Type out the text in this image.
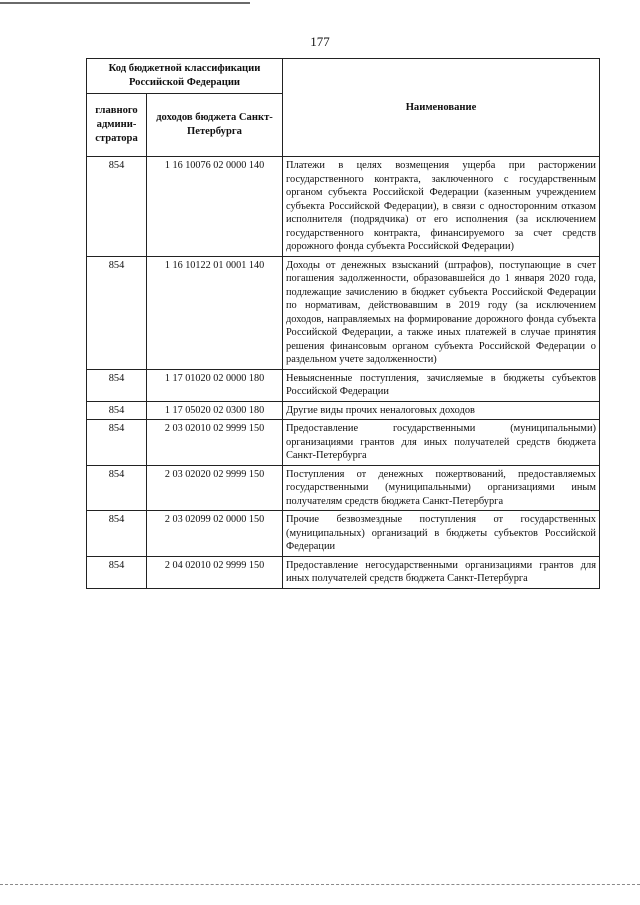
177
Код бюджетной классификации Российской Федерации		Наименование
главного админи-стратора	доходов бюджета Санкт-Петербурга	
854	1 16 10076 02 0000 140	Платежи в целях возмещения ущерба при расторжении государственного контракта, заключенного с государственным органом субъекта Российской Федерации (казенным учреждением субъекта Российской Федерации), в связи с односторонним отказом исполнителя (подрядчика) от его исполнения (за исключением государственного контракта, финансируемого за счет средств дорожного фонда субъекта Российской Федерации)
854	1 16 10122 01 0001 140	Доходы от денежных взысканий (штрафов), поступающие в счет погашения задолженности, образовавшейся до 1 января 2020 года, подлежащие зачислению в бюджет субъекта Российской Федерации по нормативам, действовавшим в 2019 году (за исключением доходов, направляемых на формирование дорожного фонда субъекта Российской Федерации, а также иных платежей в случае принятия решения финансовым органом субъекта Российской Федерации о раздельном учете задолженности)
854	1 17 01020 02 0000 180	Невыясненные поступления, зачисляемые в бюджеты субъектов Российской Федерации
854	1 17 05020 02 0300 180	Другие виды прочих неналоговых доходов
854	2 03 02010 02 9999 150	Предоставление государственными (муниципальными) организациями грантов для иных получателей средств бюджета Санкт-Петербурга
854	2 03 02020 02 9999 150	Поступления от денежных пожертвований, предоставляемых государственными (муниципальными) организациями иным получателям средств бюджета Санкт-Петербурга
854	2 03 02099 02 0000 150	Прочие безвозмездные поступления от государственных (муниципальных) организаций в бюджеты субъектов Российской Федерации
854	2 04 02010 02 9999 150	Предоставление негосударственными организациями грантов для иных получателей средств бюджета Санкт-Петербурга
